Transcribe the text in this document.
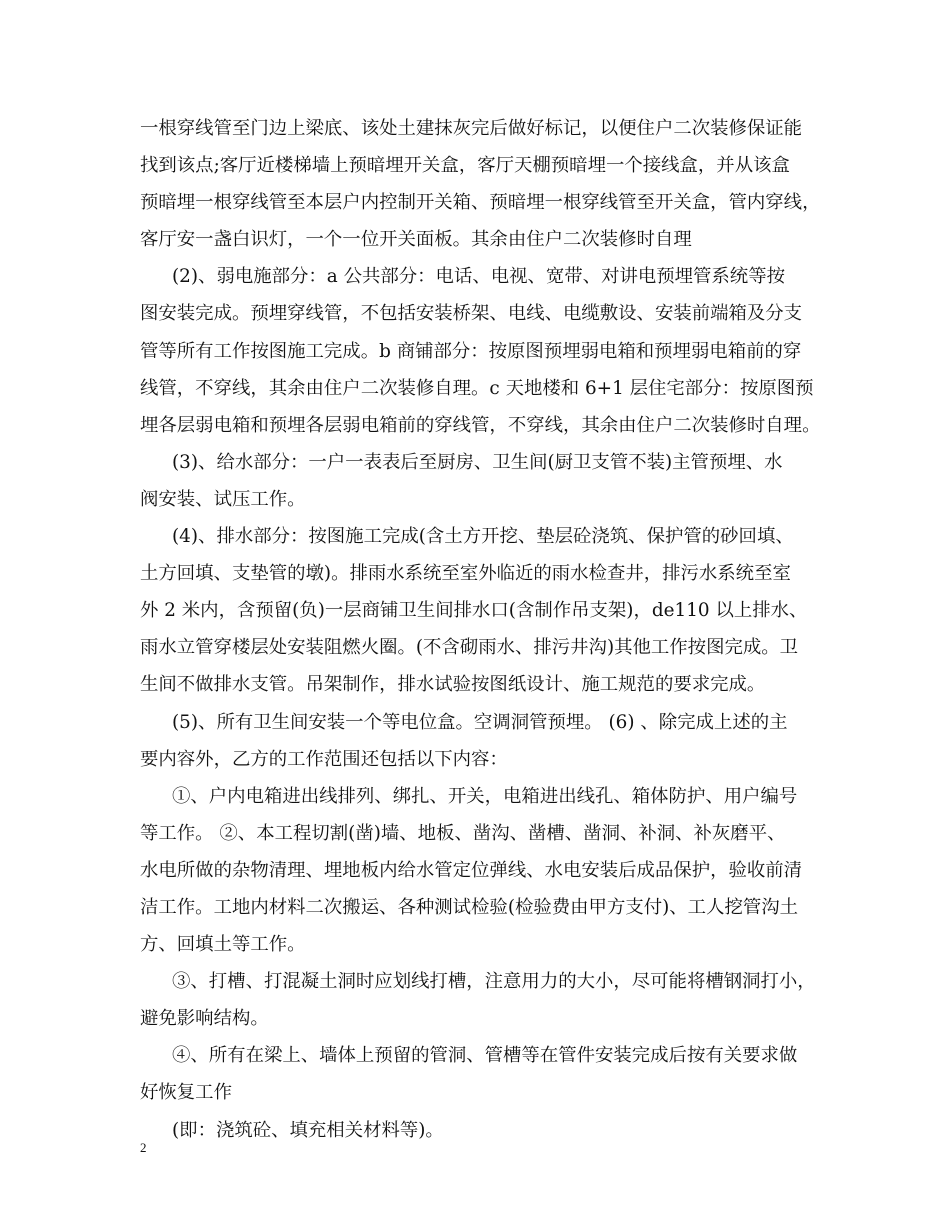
一根穿线管至门边上梁底、该处土建抹灰完后做好标记，以便住户二次装修保证能
找到该点;客厅近楼梯墙上预暗埋开关盒，客厅天棚预暗埋一个接线盒，并从该盒
预暗埋一根穿线管至本层户内控制开关箱、预暗埋一根穿线管至开关盒，管内穿线，
客厅安一盏白识灯，一个一位开关面板。其余由住户二次装修时自理
(2)、弱电施部分：a 公共部分：电话、电视、宽带、对讲电预埋管系统等按
图安装完成。预埋穿线管，不包括安装桥架、电线、电缆敷设、安装前端箱及分支
管等所有工作按图施工完成。b 商铺部分：按原图预埋弱电箱和预埋弱电箱前的穿
线管，不穿线，其余由住户二次装修自理。c 天地楼和 6+1 层住宅部分：按原图预
埋各层弱电箱和预埋各层弱电箱前的穿线管，不穿线，其余由住户二次装修时自理。
(3)、给水部分：一户一表表后至厨房、卫生间(厨卫支管不装)主管预埋、水
阀安装、试压工作。
(4)、排水部分：按图施工完成(含土方开挖、垫层砼浇筑、保护管的砂回填、
土方回填、支垫管的墩)。排雨水系统至室外临近的雨水检查井，排污水系统至室
外 2 米内，含预留(负)一层商铺卫生间排水口(含制作吊支架)，de110 以上排水、
雨水立管穿楼层处安装阻燃火圈。(不含砌雨水、排污井沟)其他工作按图完成。卫
生间不做排水支管。吊架制作，排水试验按图纸设计、施工规范的要求完成。
(5)、所有卫生间安装一个等电位盒。空调洞管预埋。 (6) 、除完成上述的主
要内容外，乙方的工作范围还包括以下内容：
①、户内电箱进出线排列、绑扎、开关，电箱进出线孔、箱体防护、用户编号
等工作。 ②、本工程切割(凿)墙、地板、凿沟、凿槽、凿洞、补洞、补灰磨平、
水电所做的杂物清理、埋地板内给水管定位弹线、水电安装后成品保护，验收前清
洁工作。工地内材料二次搬运、各种测试检验(检验费由甲方支付)、工人挖管沟土
方、回填土等工作。
③、打槽、打混凝土洞时应划线打槽，注意用力的大小，尽可能将槽钢洞打小，
避免影响结构。
④、所有在梁上、墙体上预留的管洞、管槽等在管件安装完成后按有关要求做
好恢复工作
(即：浇筑砼、填充相关材料等)。
2
